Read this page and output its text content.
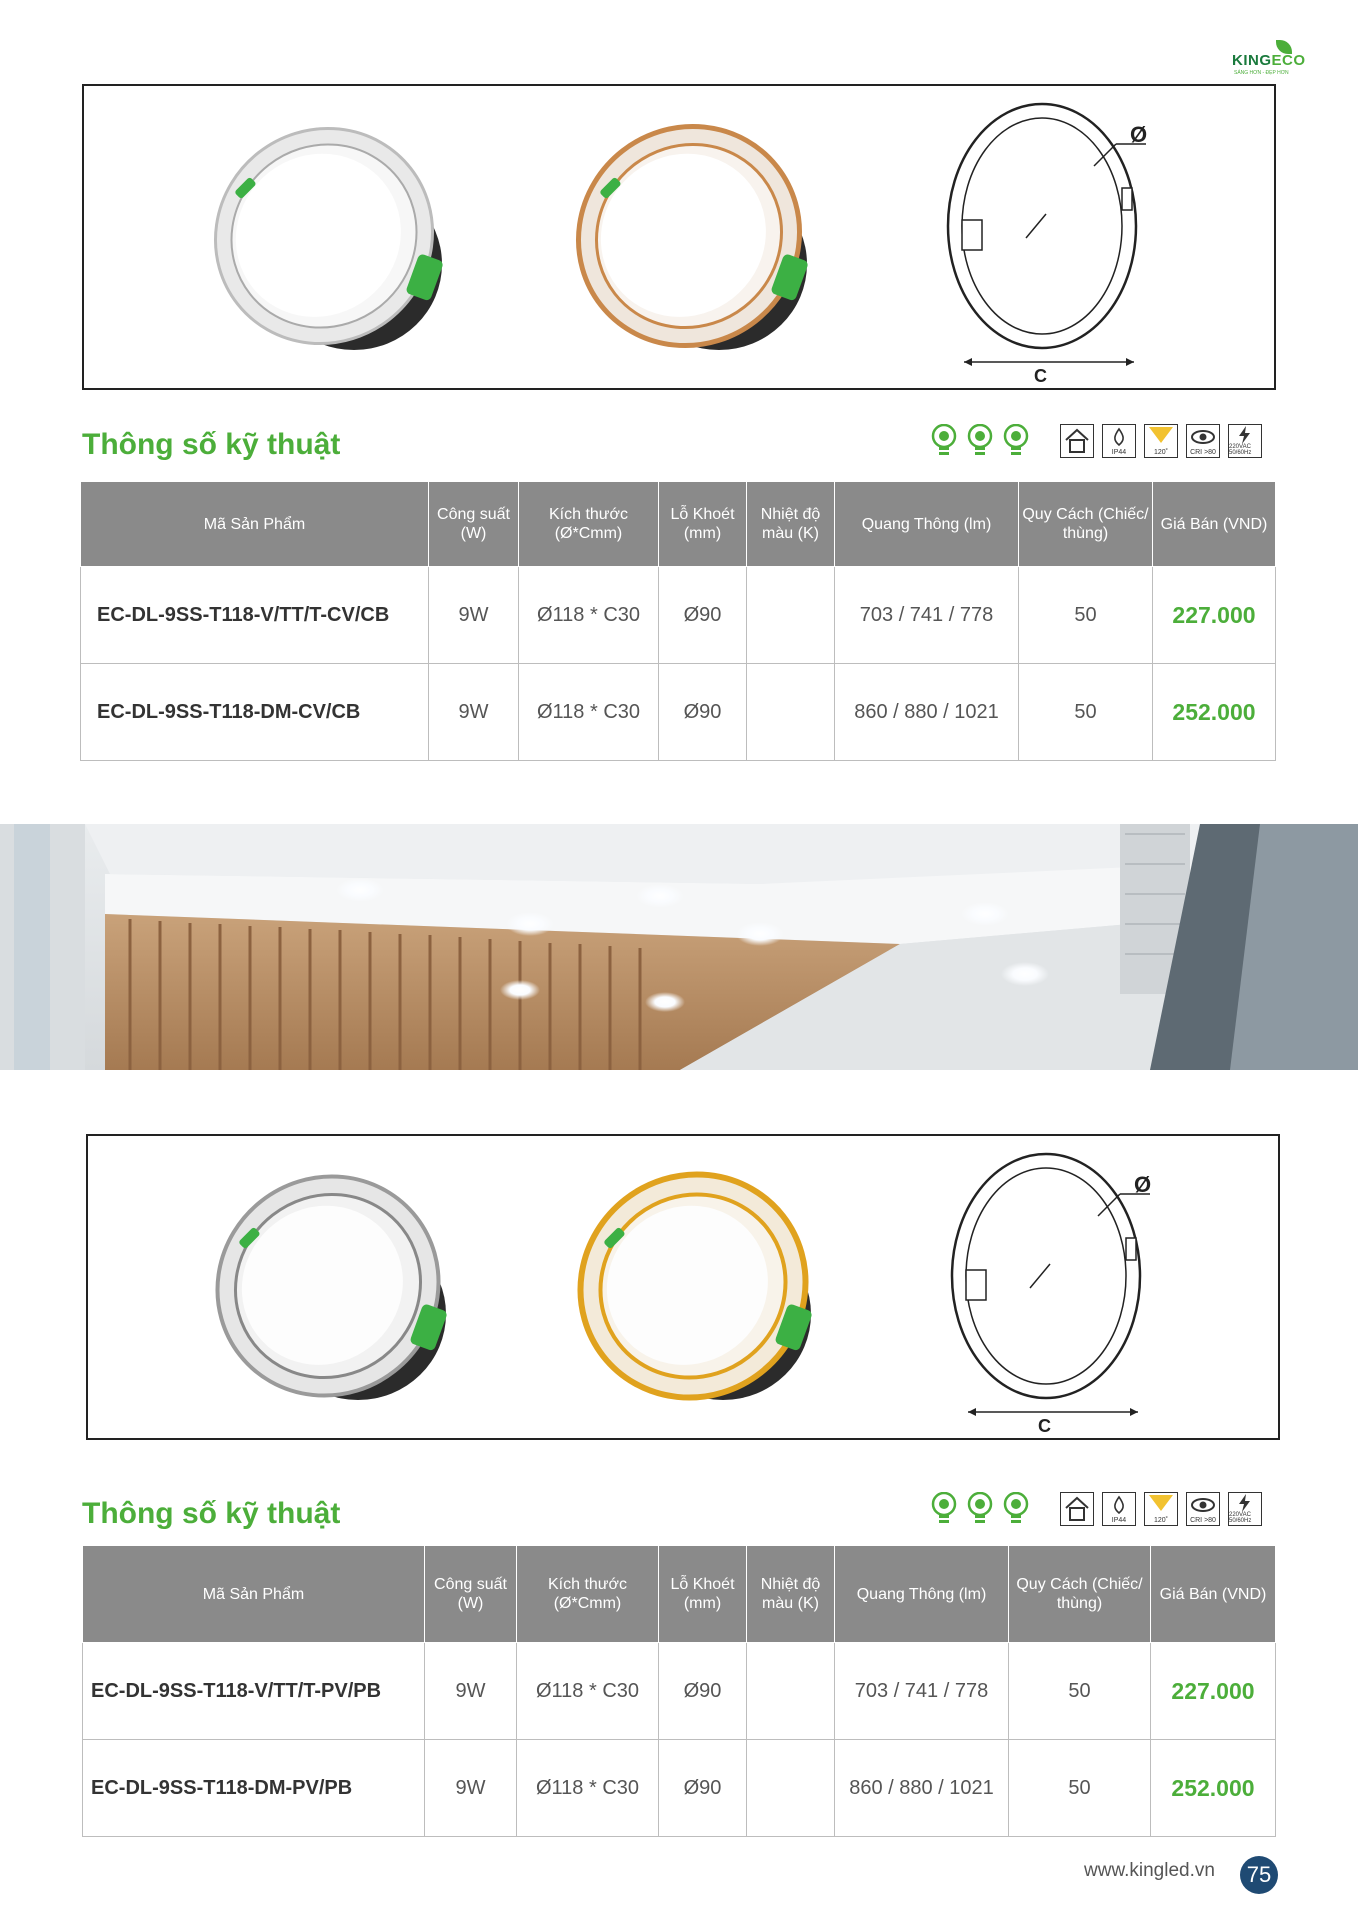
KINGECO
SÁNG HƠN - ĐẸP HƠN
Ø
C
Thông số kỹ thuật	IP44	120˚	CRI >80
220VAC 50/60Hz
Mã Sản Phẩm	Công suất (W)	Kích thước (Ø*Cmm)	Lỗ Khoét (mm)	Nhiệt độ màu (K)	Quang Thông (lm)	Quy Cách (Chiếc/ thùng)	Giá Bán (VND)
EC-DL-9SS-T118-V/TT/T-CV/CB	9W	Ø118 * C30	Ø90		703 / 741 / 778	50	227.000
EC-DL-9SS-T118-DM-CV/CB	9W	Ø118 * C30	Ø90		860 / 880 / 1021	50	252.000
Ø
C
Thông số kỹ thuật	IP44	120˚	CRI >80
220VAC 50/60Hz
Mã Sản Phẩm	Công suất (W)	Kích thước (Ø*Cmm)	Lỗ Khoét (mm)	Nhiệt độ màu (K)	Quang Thông (lm)	Quy Cách (Chiếc/ thùng)	Giá Bán (VND)
EC-DL-9SS-T118-V/TT/T-PV/PB	9W	Ø118 * C30	Ø90		703 / 741 / 778	50	227.000
EC-DL-9SS-T118-DM-PV/PB	9W	Ø118 * C30	Ø90		860 / 880 / 1021	50	252.000
www.kingled.vn	75
